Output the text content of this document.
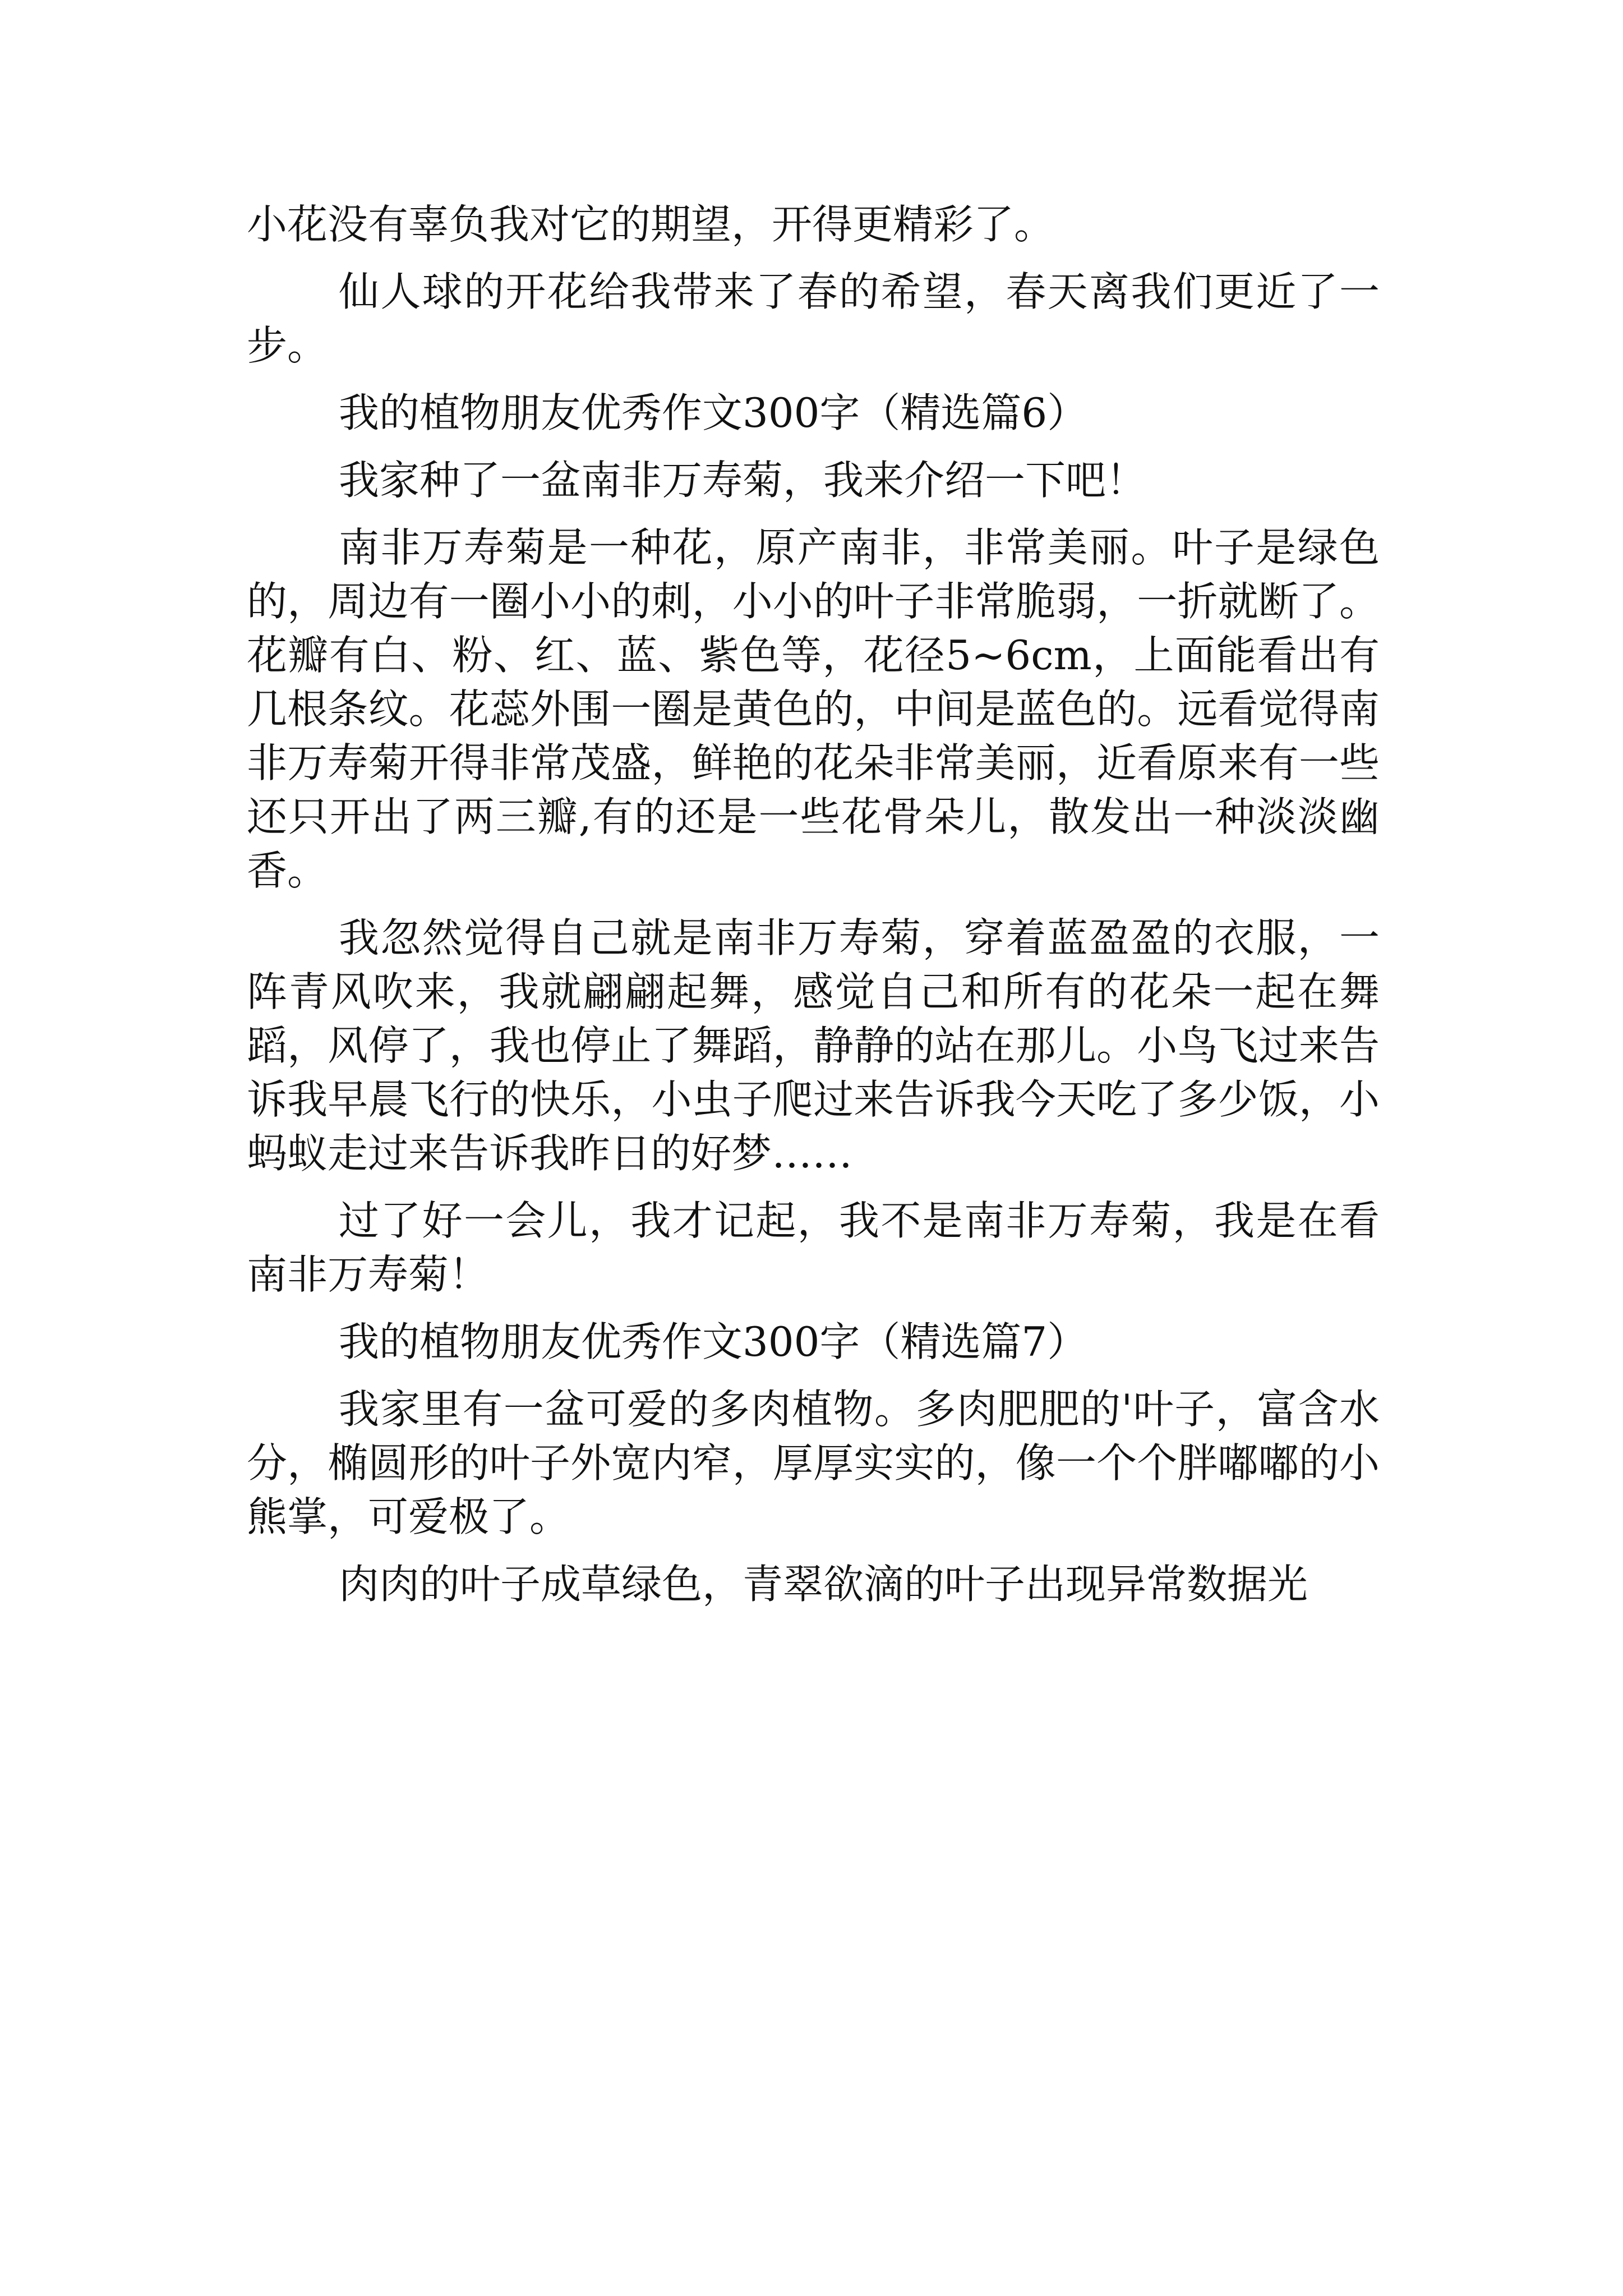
小花没有辜负我对它的期望，开得更精彩了。

仙人球的开花给我带来了春的希望，春天离我们更近了一步。

我的植物朋友优秀作文300字（精选篇6）

我家种了一盆南非万寿菊，我来介绍一下吧！

南非万寿菊是一种花，原产南非，非常美丽。叶子是绿色的，周边有一圈小小的刺，小小的叶子非常脆弱，一折就断了。花瓣有白、粉、红、蓝、紫色等，花径5~6cm，上面能看出有几根条纹。花蕊外围一圈是黄色的，中间是蓝色的。远看觉得南非万寿菊开得非常茂盛，鲜艳的花朵非常美丽，近看原来有一些还只开出了两三瓣,有的还是一些花骨朵儿，散发出一种淡淡幽香。

我忽然觉得自己就是南非万寿菊，穿着蓝盈盈的衣服，一阵青风吹来，我就翩翩起舞，感觉自己和所有的花朵一起在舞蹈，风停了，我也停止了舞蹈，静静的站在那儿。小鸟飞过来告诉我早晨飞行的快乐，小虫子爬过来告诉我今天吃了多少饭，小蚂蚁走过来告诉我昨日的好梦……

过了好一会儿，我才记起，我不是南非万寿菊，我是在看南非万寿菊！

我的植物朋友优秀作文300字（精选篇7）

我家里有一盆可爱的多肉植物。多肉肥肥的'叶子，富含水分，椭圆形的叶子外宽内窄，厚厚实实的，像一个个胖嘟嘟的小熊掌，可爱极了。

肉肉的叶子成草绿色，青翠欲滴的叶子出现异常数据光
